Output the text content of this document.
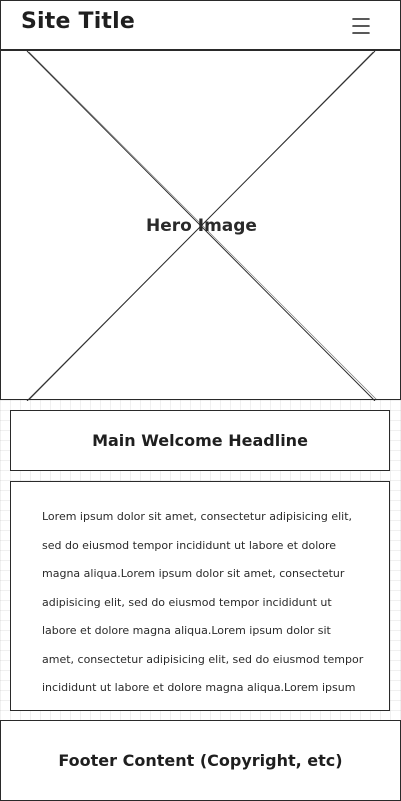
Site Title
Hero Image
Main Welcome Headline

Lorem ipsum dolor sit amet, consectetur adipisicing elit, sed do eiusmod tempor incididunt ut labore et dolore magna aliqua.Lorem ipsum dolor sit amet, consectetur adipisicing elit, sed do eiusmod tempor incididunt ut labore et dolore magna aliqua.Lorem ipsum dolor sit amet, consectetur adipisicing elit, sed do eiusmod tempor incididunt ut labore et dolore magna aliqua.Lorem ipsum

Footer Content (Copyright, etc)
